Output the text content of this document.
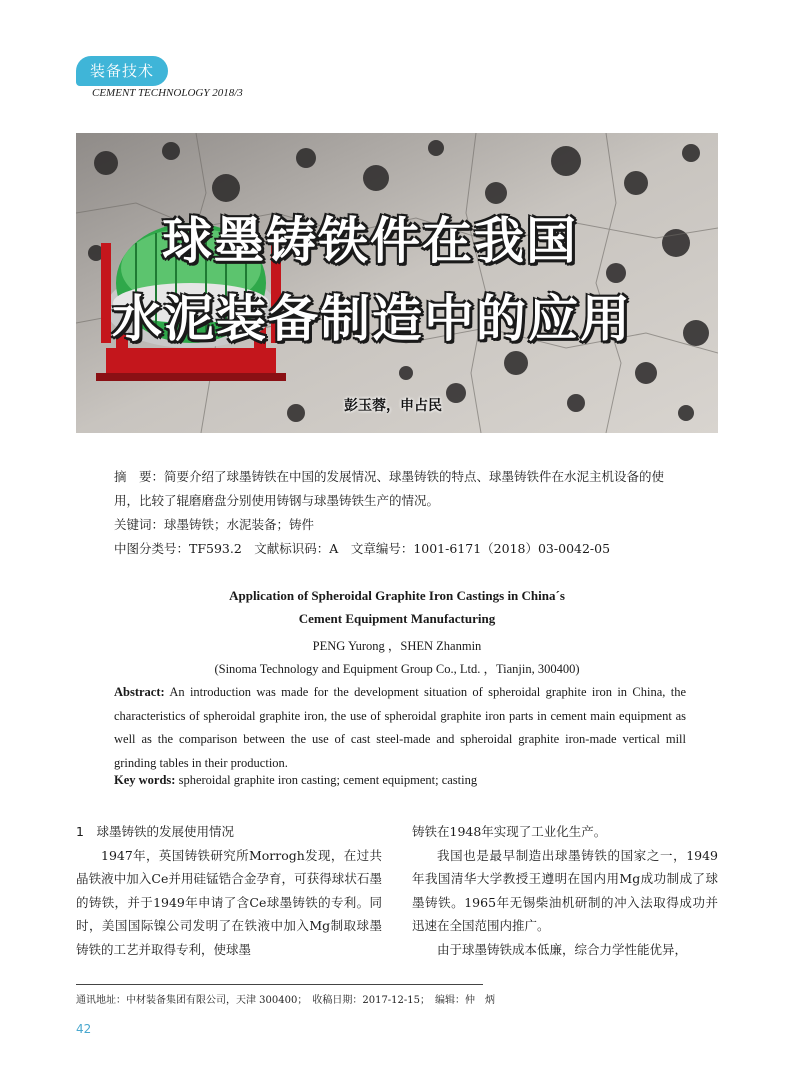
装备技术
CEMENT TECHNOLOGY 2018/3
球墨铸铁件在我国
水泥装备制造中的应用
彭玉蓉，申占民
摘　要：简要介绍了球墨铸铁在中国的发展情况、球墨铸铁的特点、球墨铸铁件在水泥主机设备的使用，比较了辊磨磨盘分别使用铸钢与球墨铸铁生产的情况。
关键词：球墨铸铁；水泥装备；铸件
中图分类号：TF593.2　文献标识码：A　文章编号：1001-6171（2018）03-0042-05
Application of Spheroidal Graphite Iron Castings in China´s
Cement Equipment Manufacturing
PENG Yurong ，SHEN Zhanmin
(Sinoma Technology and Equipment Group Co., Ltd. ，Tianjin, 300400)
Abstract: An introduction was made for the development situation of spheroidal graphite iron in China, the characteristics of spheroidal graphite iron, the use of spheroidal graphite iron parts in cement main equipment as well as the comparison between the use of cast steel-made and spheroidal graphite iron-made vertical mill grinding tables in their production.
Key words: spheroidal graphite iron casting; cement equipment; casting

1　球墨铸铁的发展使用情况

1947年，英国铸铁研究所Morrogh发现，在过共晶铁液中加入Ce并用硅锰锆合金孕育，可获得球状石墨的铸铁，并于1949年申请了含Ce球墨铸铁的专利。同时，美国国际镍公司发明了在铁液中加入Mg制取球墨铸铁的工艺并取得专利，使球墨

铸铁在1948年实现了工业化生产。

我国也是最早制造出球墨铸铁的国家之一，1949年我国清华大学教授王遵明在国内用Mg成功制成了球墨铸铁。1965年无锡柴油机研制的冲入法取得成功并迅速在全国范围内推广。

由于球墨铸铁成本低廉，综合力学性能优异，

通讯地址：中材装备集团有限公司，天津 300400；　收稿日期：2017-12-15；　编辑：仲　炳
42
